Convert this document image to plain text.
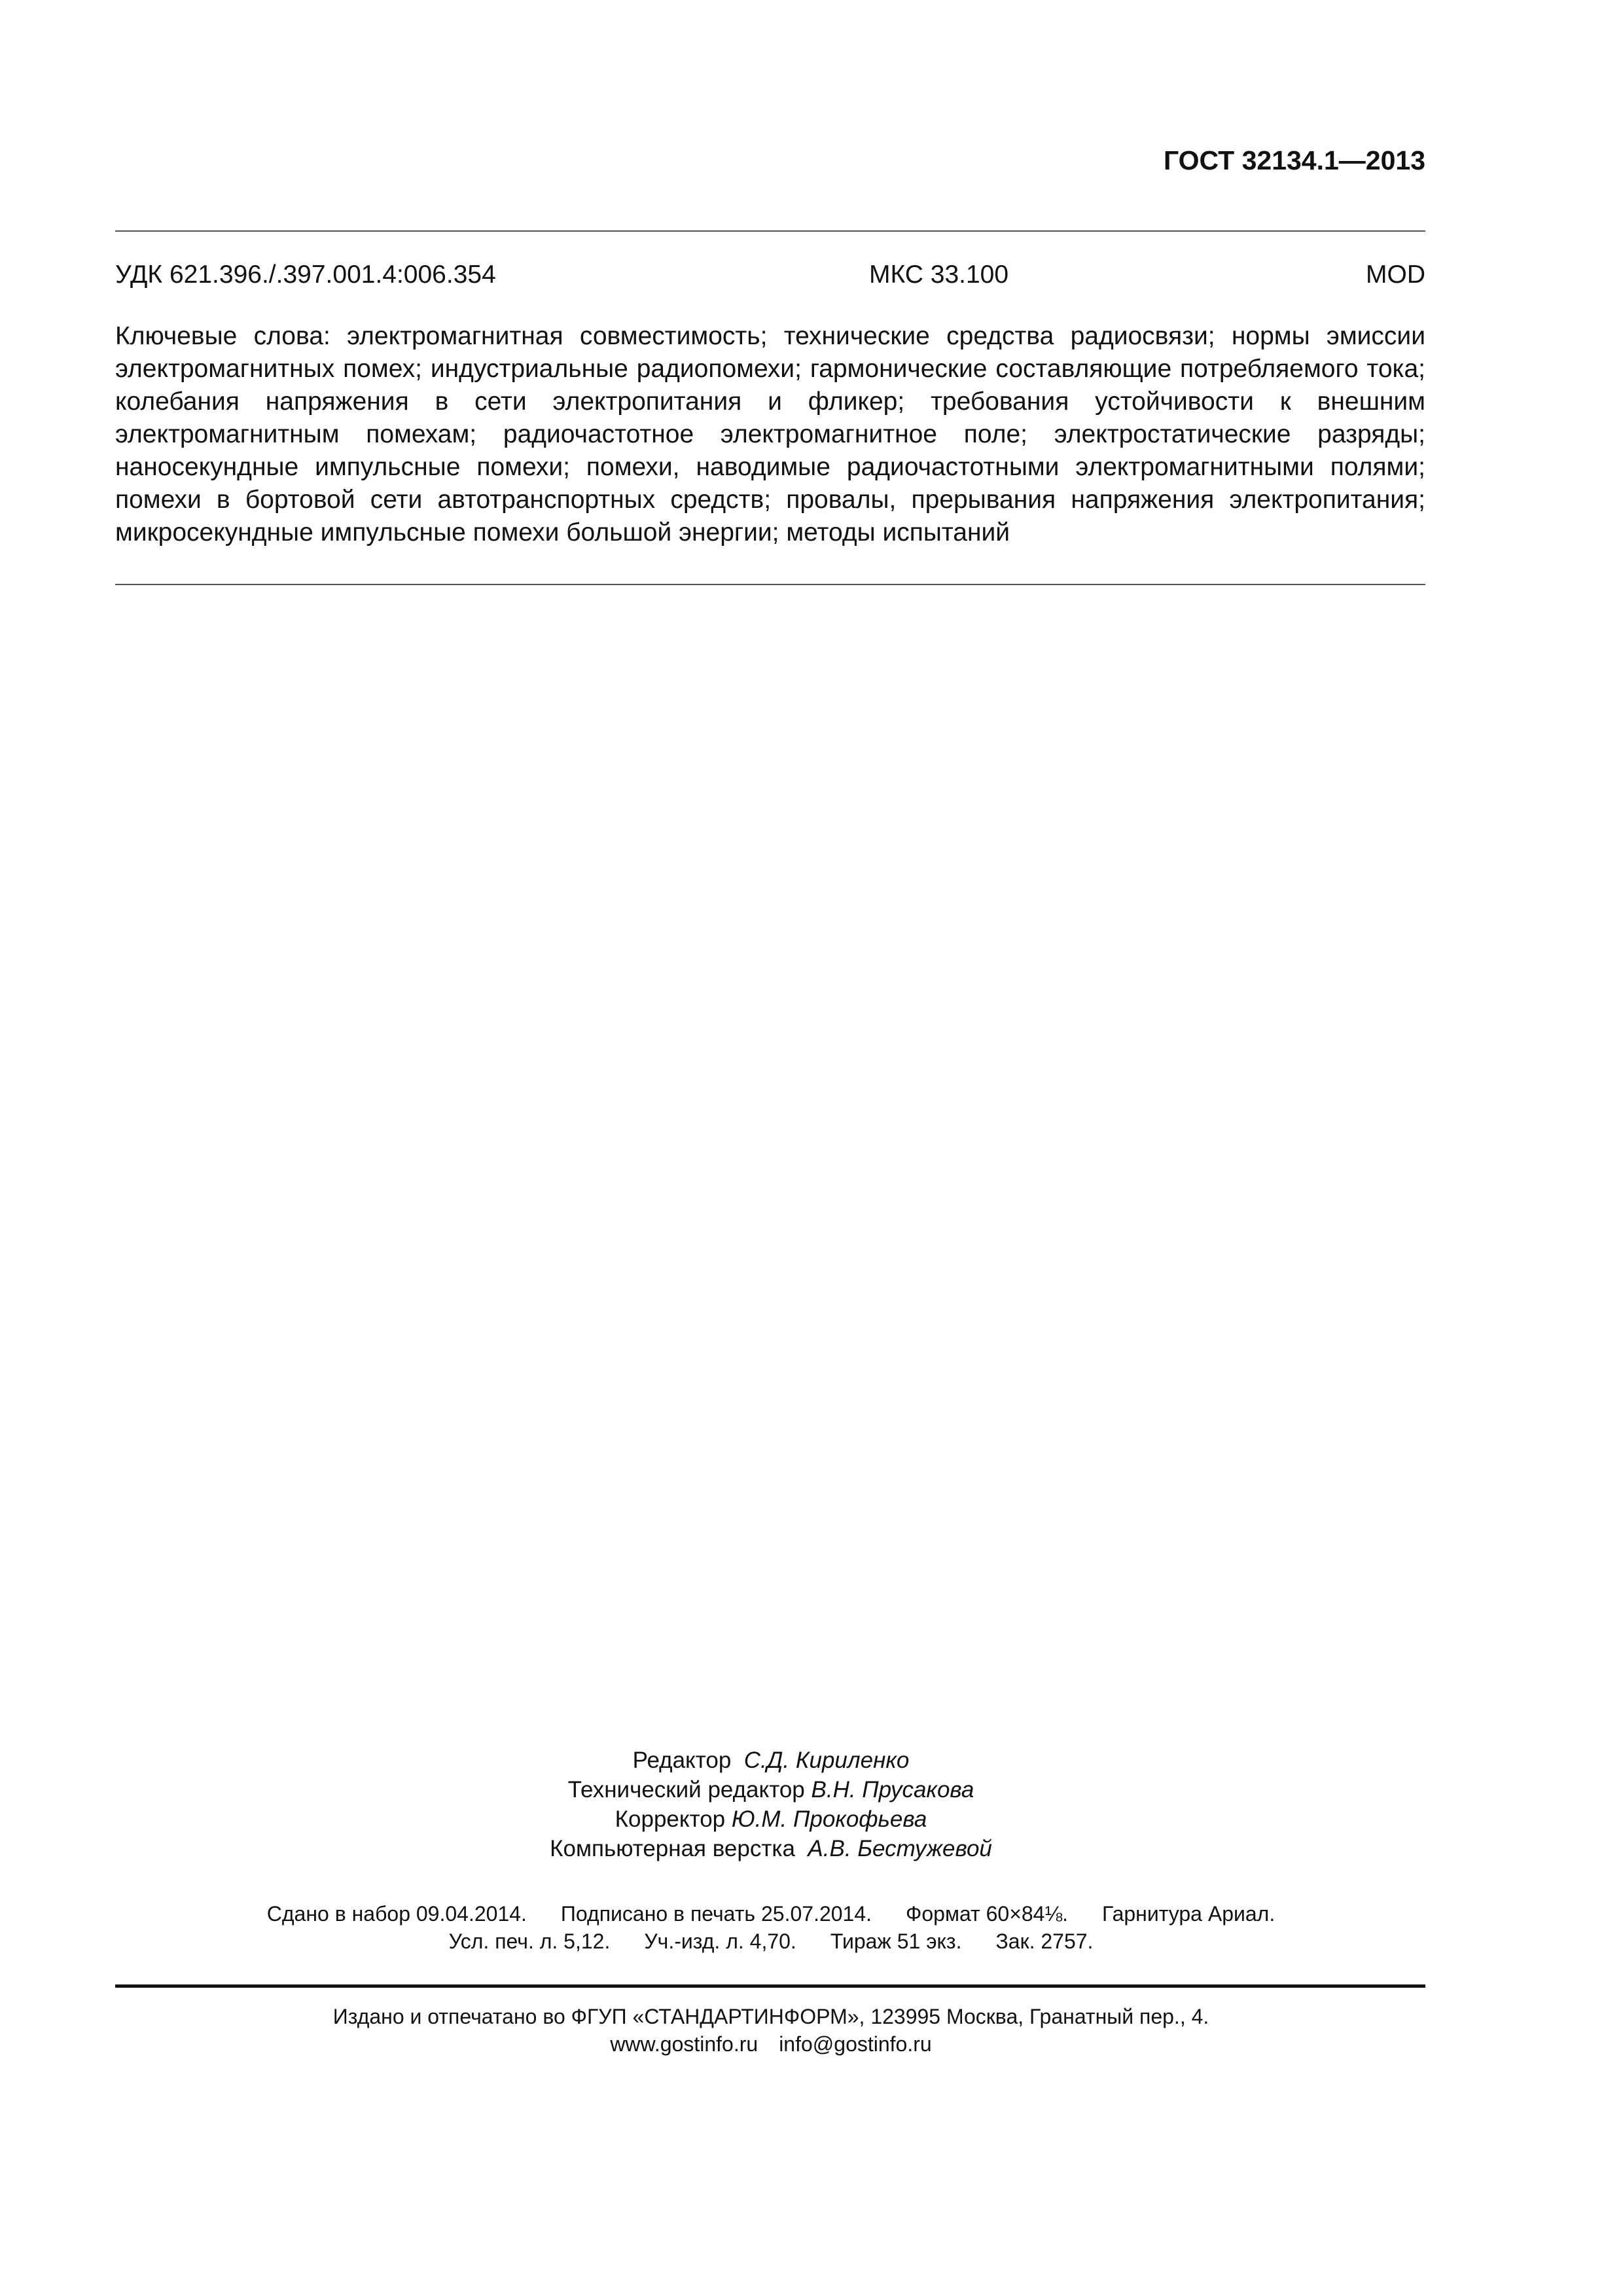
ГОСТ 32134.1—2013
УДК 621.396./.397.001.4:006.354	МКС 33.100	MOD

Ключевые слова: электромагнитная совместимость; технические средства радиосвязи; нормы эмиссии электромагнитных помех; индустриальные радиопомехи; гармонические составляющие потребляемого тока; колебания напряжения в сети электропитания и фликер; требования устойчивости к внешним электромагнитным помехам; радиочастотное электромагнитное поле; электростатические разряды; наносекундные импульсные помехи; помехи, наводимые радиочастотными электромагнитными полями; помехи в бортовой сети автотранспортных средств; провалы, прерывания напряжения электропитания; микросекундные импульсные помехи большой энергии; методы испытаний

Редактор С.Д. Кириленко
Технический редактор В.Н. Прусакова
Корректор Ю.М. Прокофьева
Компьютерная верстка А.В. Бестужевой
Сдано в набор 09.04.2014. Подписано в печать 25.07.2014. Формат 60×84⅛. Гарнитура Ариал.
Усл. печ. л. 5,12. Уч.-изд. л. 4,70. Тираж 51 экз. Зак. 2757.
Издано и отпечатано во ФГУП «СТАНДАРТИНФОРМ», 123995 Москва, Гранатный пер., 4.
www.gostinfo.ru info@gostinfo.ru
